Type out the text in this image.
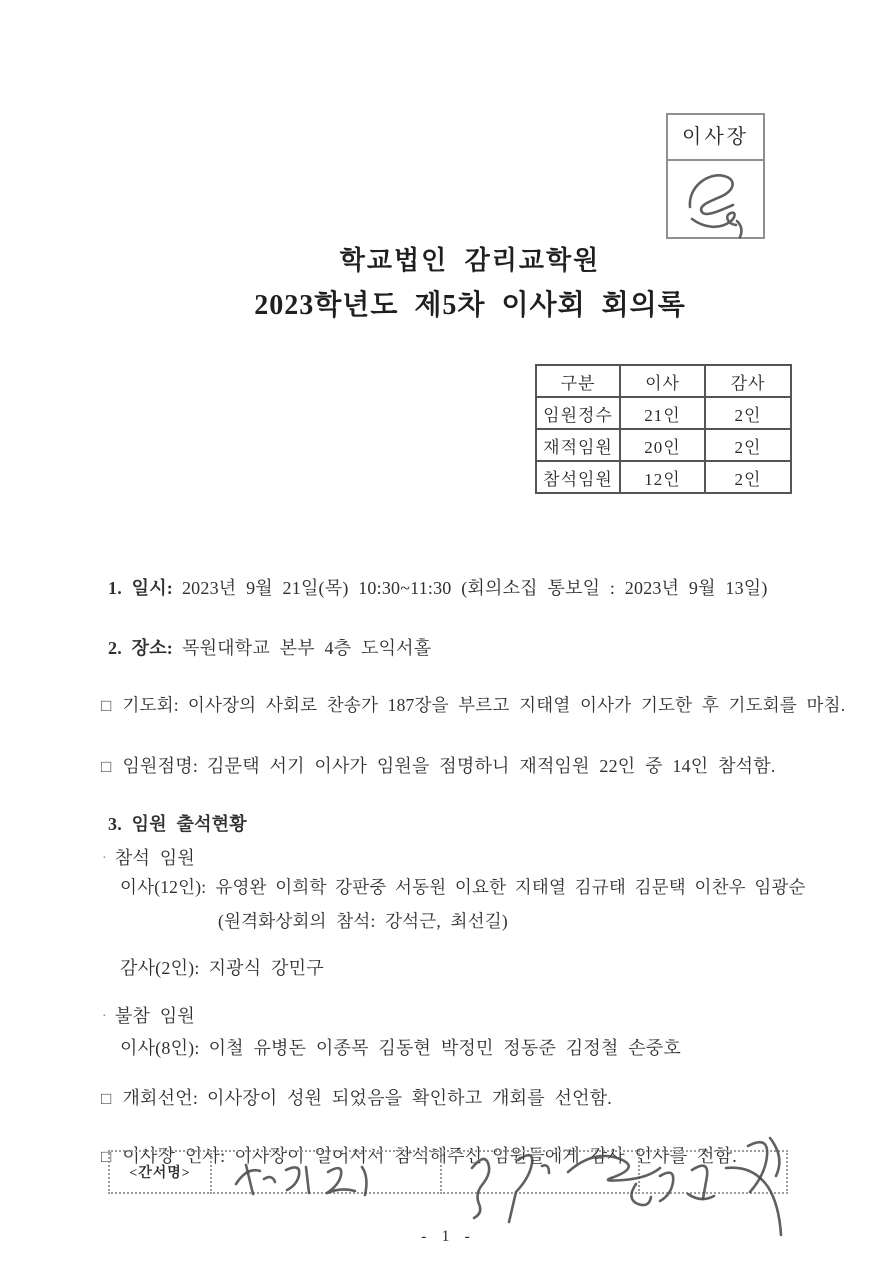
이사장
학교법인 감리교학원
2023학년도 제5차 이사회 회의록
구분	이사	감사
임원정수	21인	2인
재적임원	20인	2인
참석임원	12인	2인

1. 일시: 2023년 9월 21일(목) 10:30~11:30 (회의소집 통보일 : 2023년 9월 13일)

2. 장소: 목원대학교 본부 4층 도익서홀

□ 기도회: 이사장의 사회로 찬송가 187장을 부르고 지태열 이사가 기도한 후 기도회를 마침.

□ 임원점명: 김문택 서기 이사가 임원을 점명하니 재적임원 22인 중 14인 참석함.

3. 임원 출석현황

· 참석 임원

이사(12인): 유영완 이희학 강판중 서동원 이요한 지태열 김규태 김문택 이찬우 임광순

(원격화상회의 참석: 강석근, 최선길)

감사(2인): 지광식 강민구

· 불참 임원

이사(8인): 이철 유병돈 이종목 김동현 박정민 정동준 김정철 손중호

□ 개회선언: 이사장이 성원 되었음을 확인하고 개회를 선언함.

□ 이사장 인사: 이사장이 일어서서 참석해주신 임원들에게 감사 인사를 전함.

<간서명>

- 1 -
